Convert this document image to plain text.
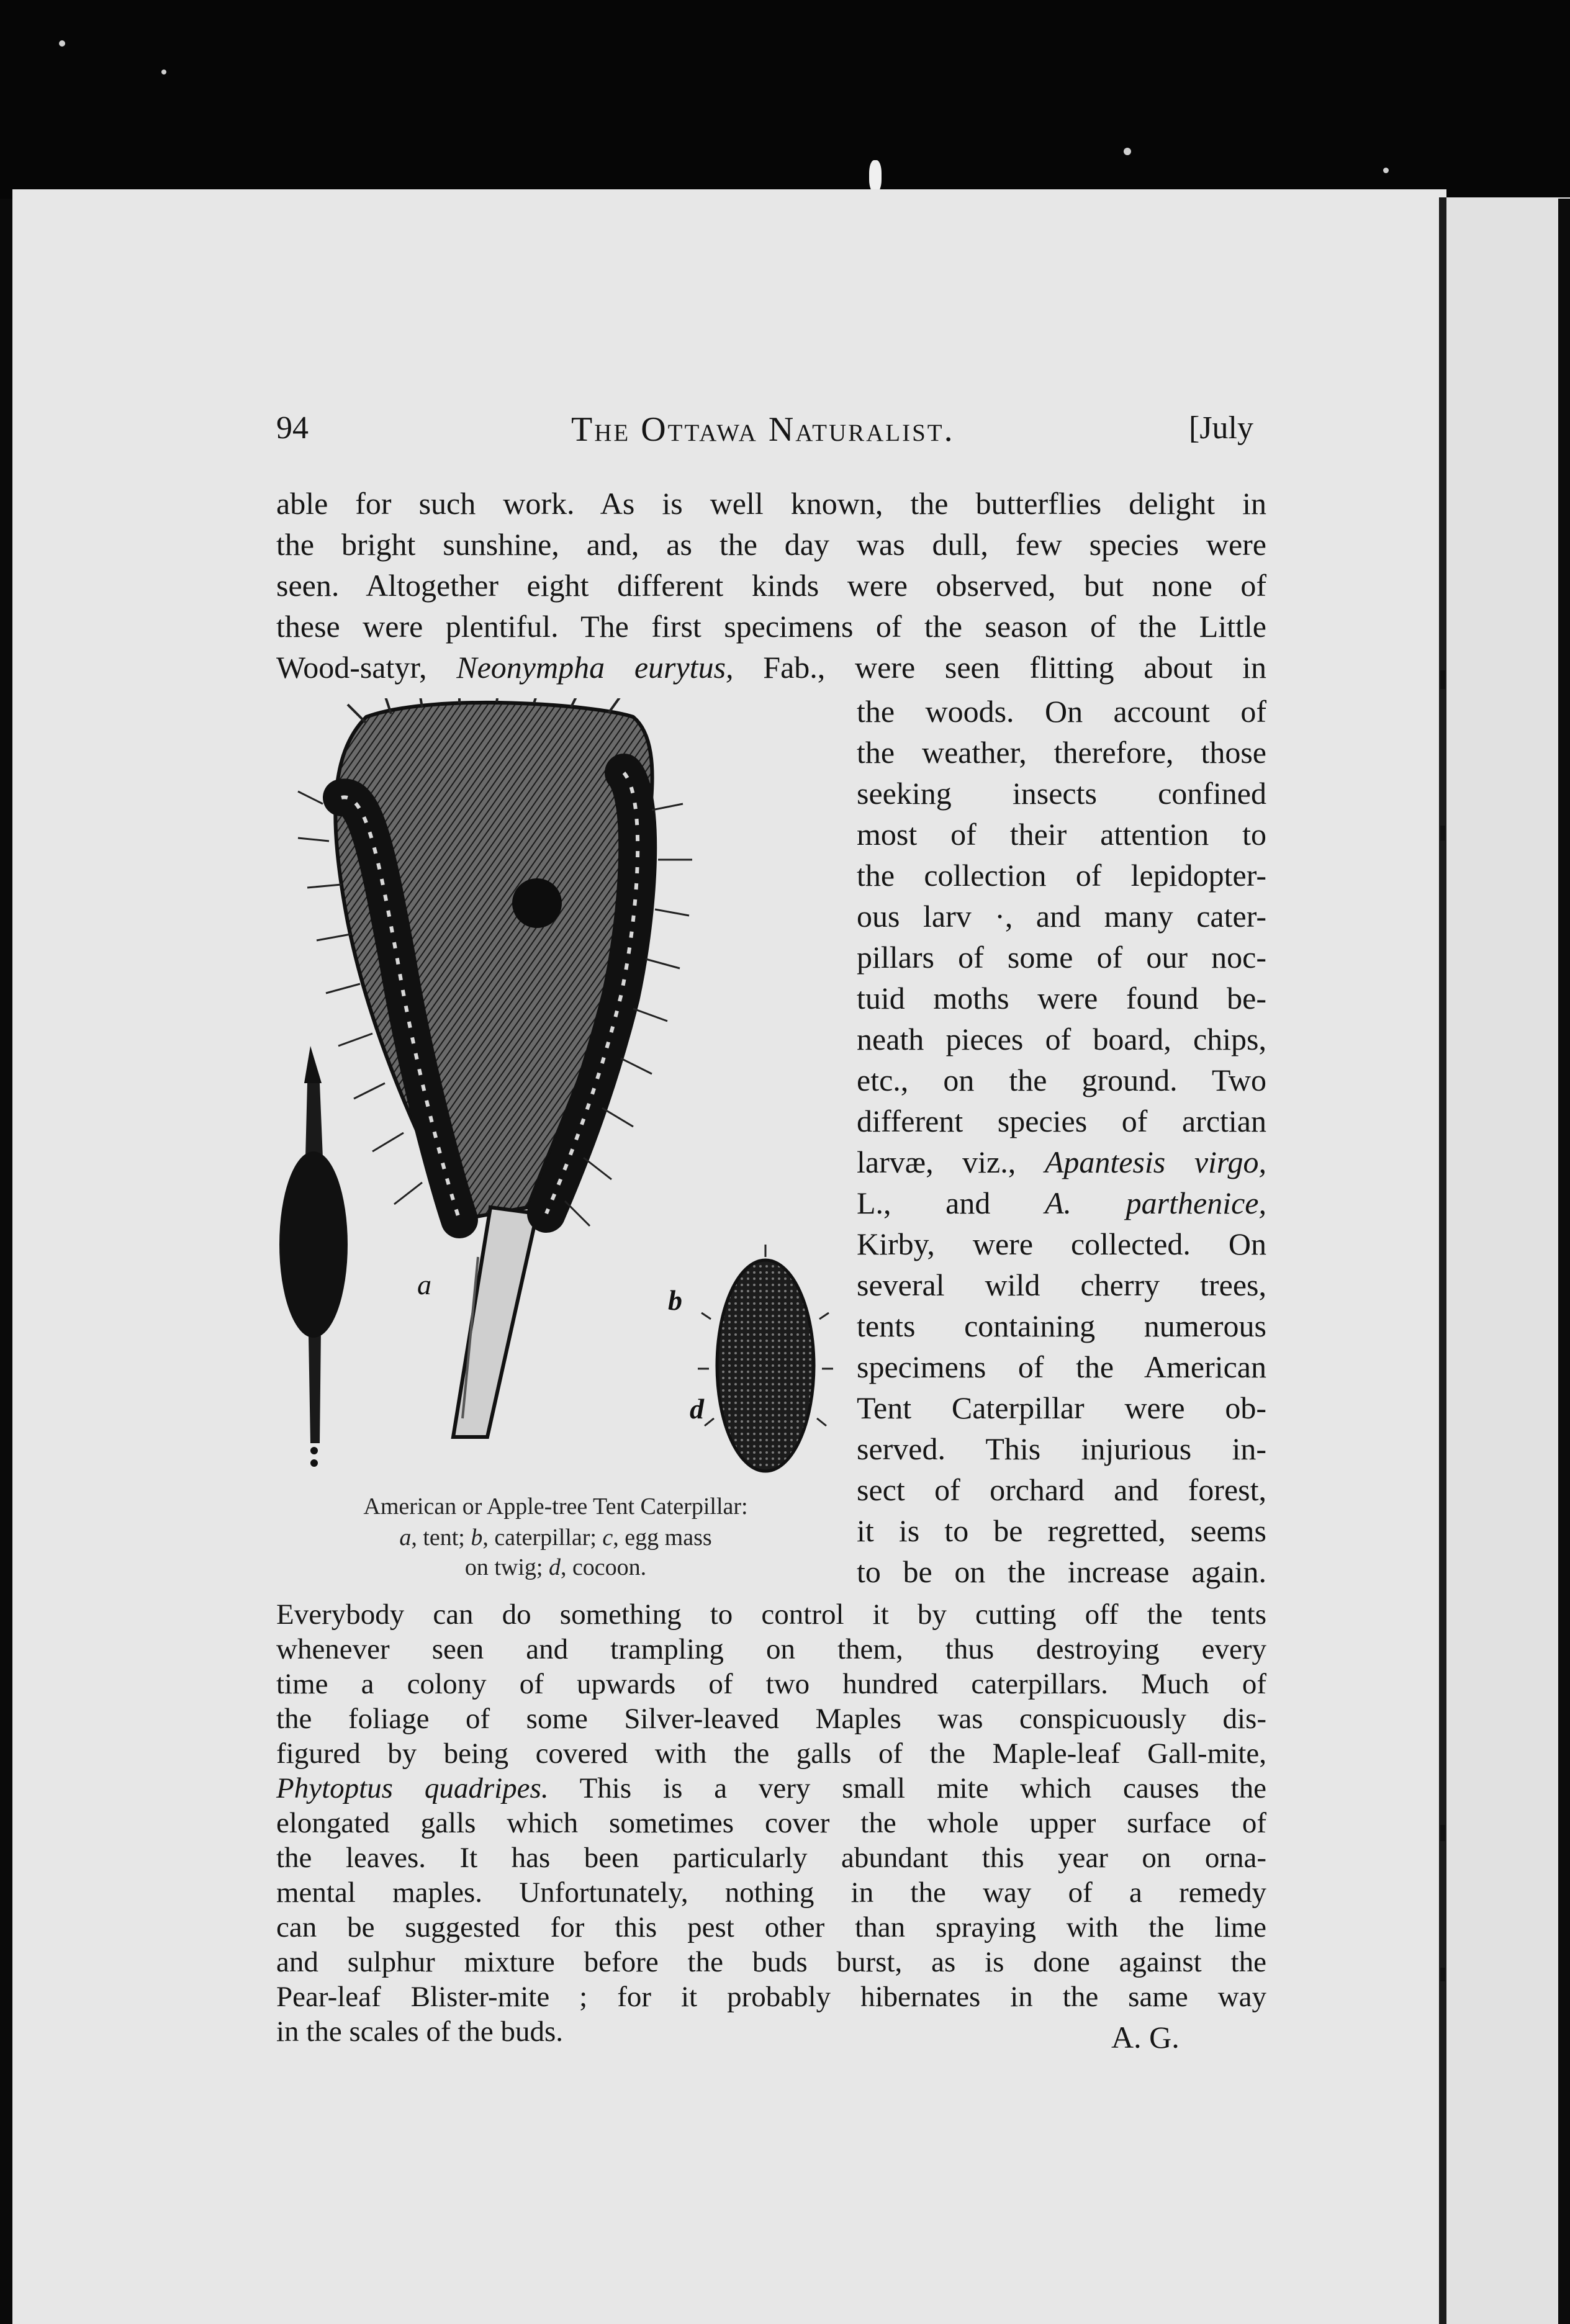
94	The Ottawa Naturalist.	[July
able for such work. As is well known, the butterflies delight in
the bright sunshine, and, as the day was dull, few species were
seen. Altogether eight different kinds were observed, but none of
these were plentiful. The first specimens of the season of the Little
Wood-satyr, Neonympha eurytus, Fab., were seen flitting about in
a	b
d
American or Apple-tree Tent Caterpillar:
a, tent; b, caterpillar; c, egg mass
on twig; d, cocoon.
the woods. On account of
the weather, therefore, those
seeking insects confined
most of their attention to
the collection of lepidopter-
ous larv ·, and many cater-
pillars of some of our noc-
tuid moths were found be-
neath pieces of board, chips,
etc., on the ground. Two
different species of arctian
larvæ, viz., Apantesis virgo,
L., and A. parthenice,
Kirby, were collected. On
several wild cherry trees,
tents containing numerous
specimens of the American
Tent Caterpillar were ob-
served. This injurious in-
sect of orchard and forest,
it is to be regretted, seems
to be on the increase again.
Everybody can do something to control it by cutting off the tents
whenever seen and trampling on them, thus destroying every
time a colony of upwards of two hundred caterpillars. Much of
the foliage of some Silver-leaved Maples was conspicuously dis-
figured by being covered with the galls of the Maple-leaf Gall-mite,
Phytoptus quadripes. This is a very small mite which causes the
elongated galls which sometimes cover the whole upper surface of
the leaves. It has been particularly abundant this year on orna-
mental maples. Unfortunately, nothing in the way of a remedy
can be suggested for this pest other than spraying with the lime
and sulphur mixture before the buds burst, as is done against the
Pear-leaf Blister-mite ; for it probably hibernates in the same way
in the scales of the buds.	A. G.
